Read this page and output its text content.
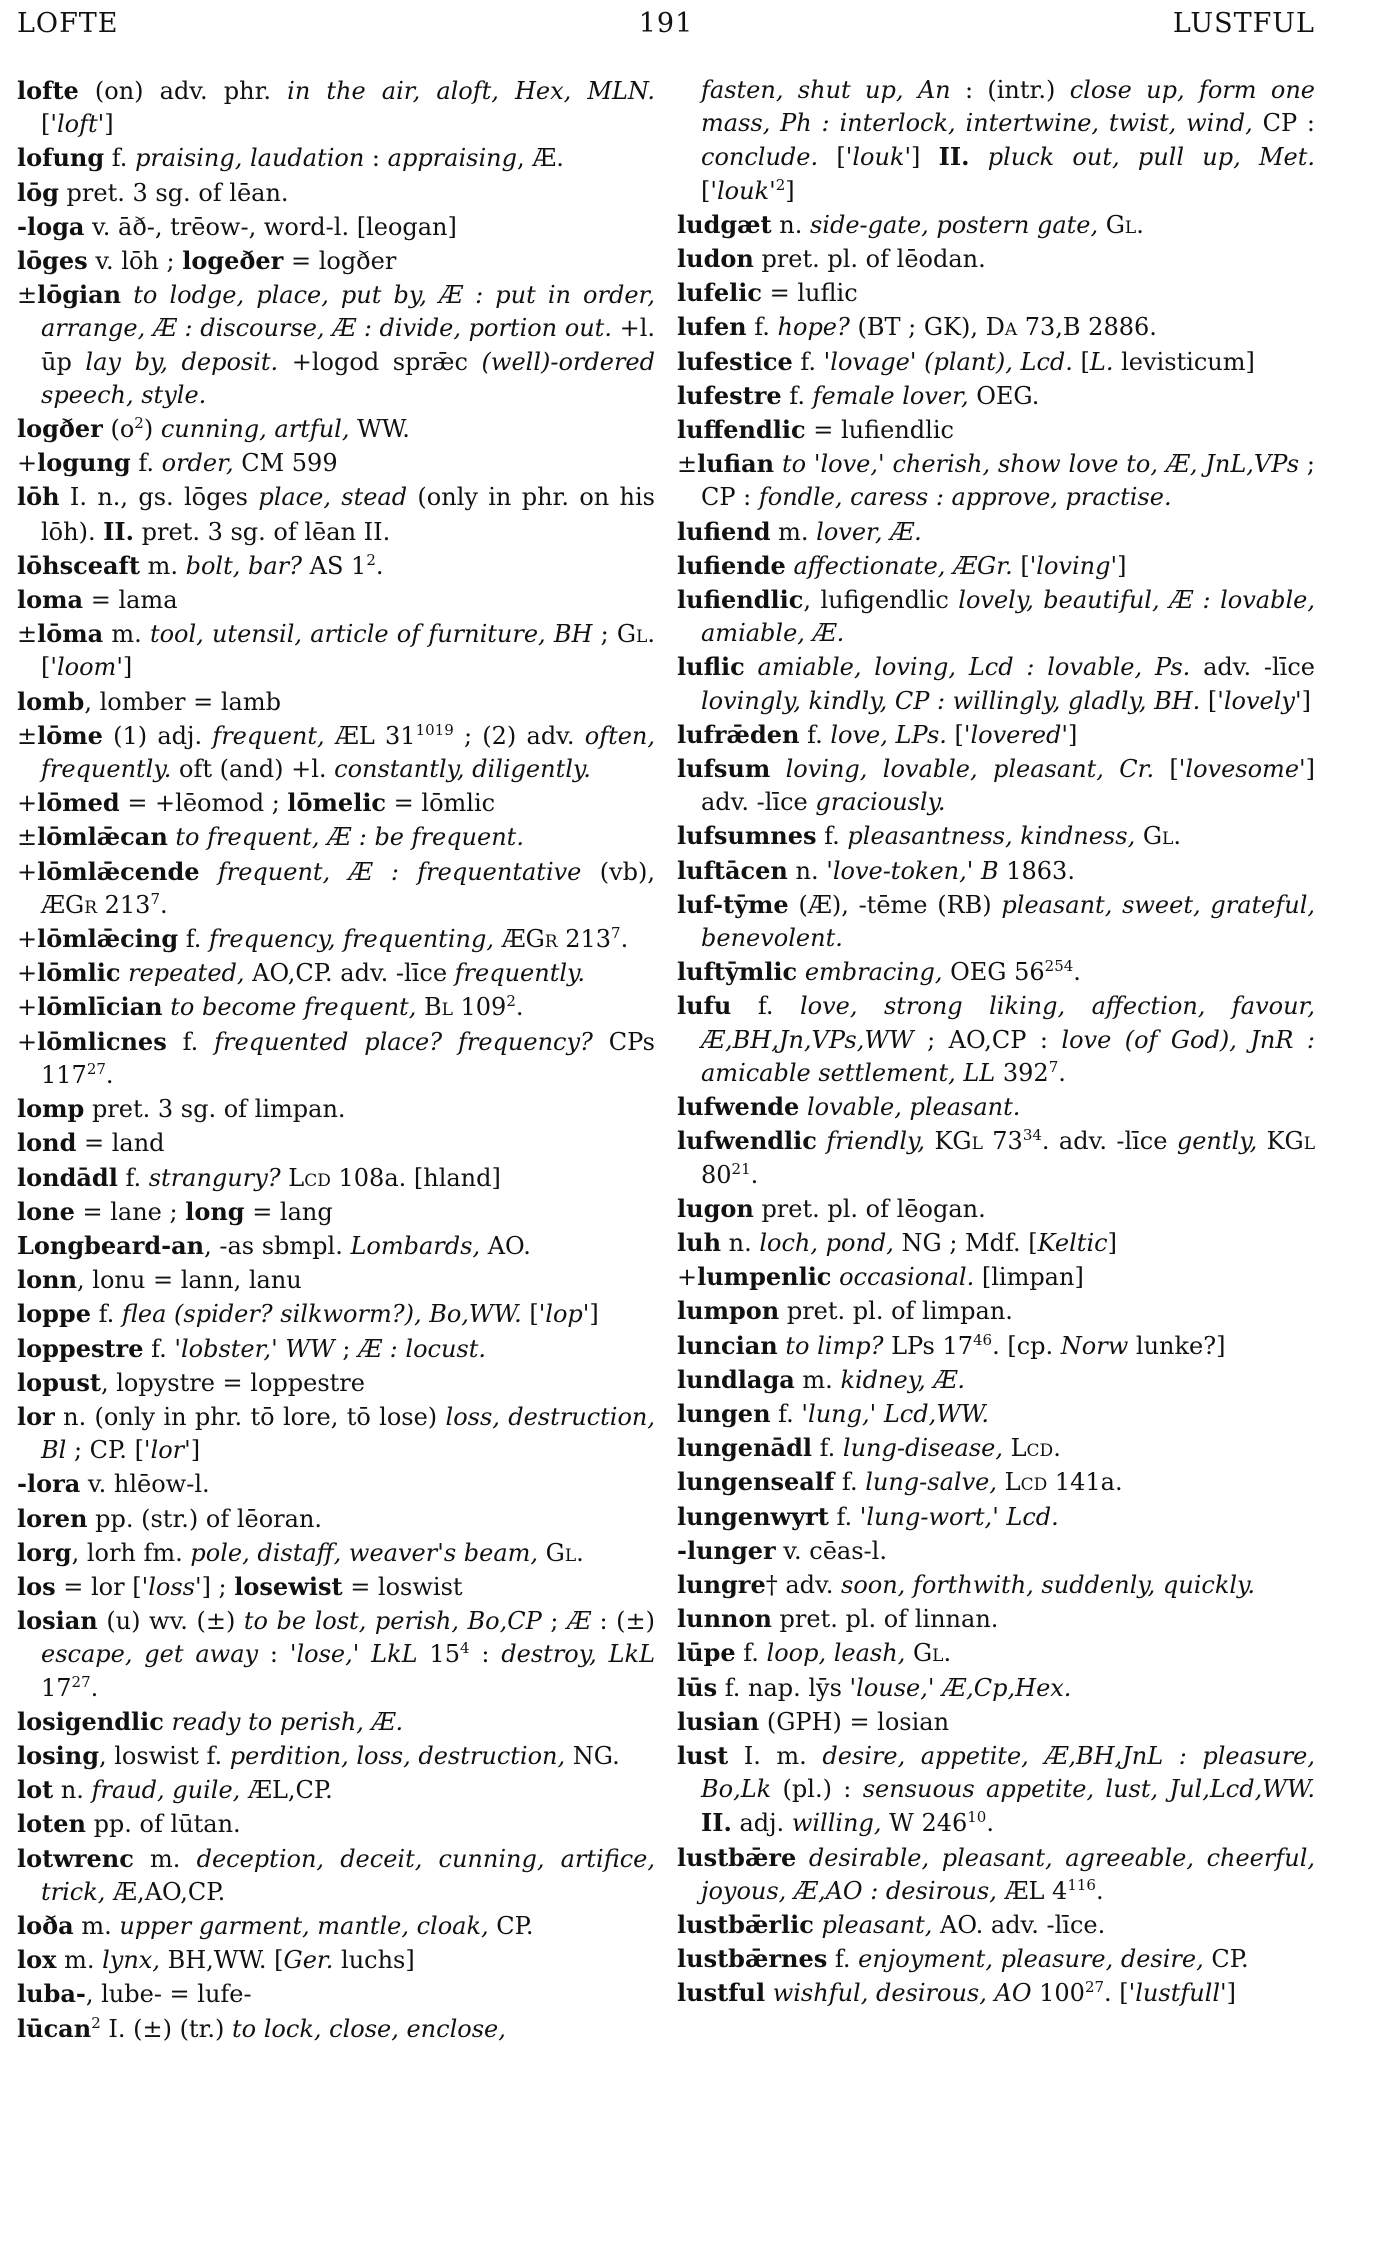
LOFTE	191	LUSTFUL

lofte (on) adv. phr. in the air, aloft, Hex, MLN. ['loft']

lofung f. praising, laudation : appraising, Æ.

lōg pret. 3 sg. of lēan.

-loga v. āð-, trēow-, word-l. [leogan]

lōges v. lōh ; logeðer = logðer

±lōgian to lodge, place, put by, Æ : put in order, arrange, Æ : discourse, Æ : divide, portion out. +l. ūp lay by, deposit. +logod sprǣc (well)-ordered speech, style.

logðer $(o^2)$ cunning, artful, WW.

+logung f. order, CM 599

lōh I. n., gs. lōges place, stead (only in phr. on his lōh). II. pret. 3 sg. of lēan II.

lōhsceaft m. bolt, bar? AS $1^2$.

loma = lama

±lōma m. tool, utensil, article of furniture, BH ; Gl. ['loom']

lomb, lomber = lamb

±lōme (1) adj. frequent, ÆL $31^{1019}$ ; (2) adv. often, frequently. oft (and) +l. constantly, diligently.

+lōmed = +lēomod ; lōmelic = lōmlic

±lōmlǣcan to frequent, Æ : be frequent.

+lōmlǣcende frequent, Æ : frequentative (vb), ÆGr $213^7$.

+lōmlǣcing f. frequency, frequenting, ÆGr $213^7$.

+lōmlic repeated, AO,CP. adv. -līce frequently.

+lōmlīcian to become frequent, Bl $109^2$.

+lōmlicnes f. frequented place? frequency? CPs $117^{27}$.

lomp pret. 3 sg. of limpan.

lond = land

londādl f. strangury? Lcd 108a. [hland]

lone = lane ; long = lang

Longbeard-an, -as sbmpl. Lombards, AO.

lonn, lonu = lann, lanu

loppe f. flea (spider? silkworm?), Bo,WW. ['lop']

loppestre f. 'lobster,' WW ; Æ : locust.

lopust, lopystre = loppestre

lor n. (only in phr. tō lore, tō lose) loss, destruction, Bl ; CP. ['lor']

-lora v. hlēow-l.

loren pp. (str.) of lēoran.

lorg, lorh fm. pole, distaff, weaver's beam, Gl.

los = lor ['loss'] ; losewist = loswist

losian (u) wv. (±) to be lost, perish, Bo,CP ; Æ : (±) escape, get away : 'lose,' LkL $15^4$ : destroy, LkL $17^{27}$.

losigendlic ready to perish, Æ.

losing, loswist f. perdition, loss, destruction, NG.

lot n. fraud, guile, ÆL,CP.

loten pp. of lūtan.

lotwrenc m. deception, deceit, cunning, artifice, trick, Æ,AO,CP.

loða m. upper garment, mantle, cloak, CP.

lox m. lynx, BH,WW. [Ger. luchs]

luba-, lube- = lufe-

lūcan$^2$ I. (±) (tr.) to lock, close, enclose,

fasten, shut up, An : (intr.) close up, form one mass, Ph : interlock, intertwine, twist, wind, CP : conclude. ['louk'] II. pluck out, pull up, Met. $['louk'^2]$

ludgæt n. side-gate, postern gate, Gl.

ludon pret. pl. of lēodan.

lufelic = luflic

lufen f. hope? (BT ; GK), Da 73,B 2886.

lufestice f. 'lovage' (plant), Lcd. [L. levisticum]

lufestre f. female lover, OEG.

luffendlic = lufiendlic

±lufian to 'love,' cherish, show love to, Æ, JnL,VPs ; CP : fondle, caress : approve, practise.

lufiend m. lover, Æ.

lufiende affectionate, ÆGr. ['loving']

lufiendlic, lufigendlic lovely, beautiful, Æ : lovable, amiable, Æ.

luflic amiable, loving, Lcd : lovable, Ps. adv. -līce lovingly, kindly, CP : willingly, gladly, BH. ['lovely']

lufrǣden f. love, LPs. ['lovered']

lufsum loving, lovable, pleasant, Cr. ['lovesome'] adv. -līce graciously.

lufsumnes f. pleasantness, kindness, Gl.

luftācen n. 'love-token,' B 1863.

luf-tȳme (Æ), -tēme (RB) pleasant, sweet, grateful, benevolent.

luftȳmlic embracing, OEG $56^{254}$.

lufu f. love, strong liking, affection, favour, Æ,BH,Jn,VPs,WW ; AO,CP : love (of God), JnR : amicable settlement, LL $392^7$.

lufwende lovable, pleasant.

lufwendlic friendly, KGl $73^{34}$. adv. -līce gently, KGl $80^{21}$.

lugon pret. pl. of lēogan.

luh n. loch, pond, NG ; Mdf. [Keltic]

+lumpenlic occasional. [limpan]

lumpon pret. pl. of limpan.

luncian to limp? LPs $17^{46}$. [cp. Norw lunke?]

lundlaga m. kidney, Æ.

lungen f. 'lung,' Lcd,WW.

lungenādl f. lung-disease, Lcd.

lungensealf f. lung-salve, Lcd 141a.

lungenwyrt f. 'lung-wort,' Lcd.

-lunger v. cēas-l.

lungre† adv. soon, forthwith, suddenly, quickly.

lunnon pret. pl. of linnan.

lūpe f. loop, leash, Gl.

lūs f. nap. lȳs 'louse,' Æ,Cp,Hex.

lusian (GPH) = losian

lust I. m. desire, appetite, Æ,BH,JnL : pleasure, Bo,Lk (pl.) : sensuous appetite, lust, Jul,Lcd,WW. II. adj. willing, W $246^{10}$.

lustbǣre desirable, pleasant, agreeable, cheerful, joyous, Æ,AO : desirous, ÆL $4^{116}$.

lustbǣrlic pleasant, AO. adv. -līce.

lustbǣrnes f. enjoyment, pleasure, desire, CP.

lustful wishful, desirous, AO $100^{27}$. ['lustfull']
